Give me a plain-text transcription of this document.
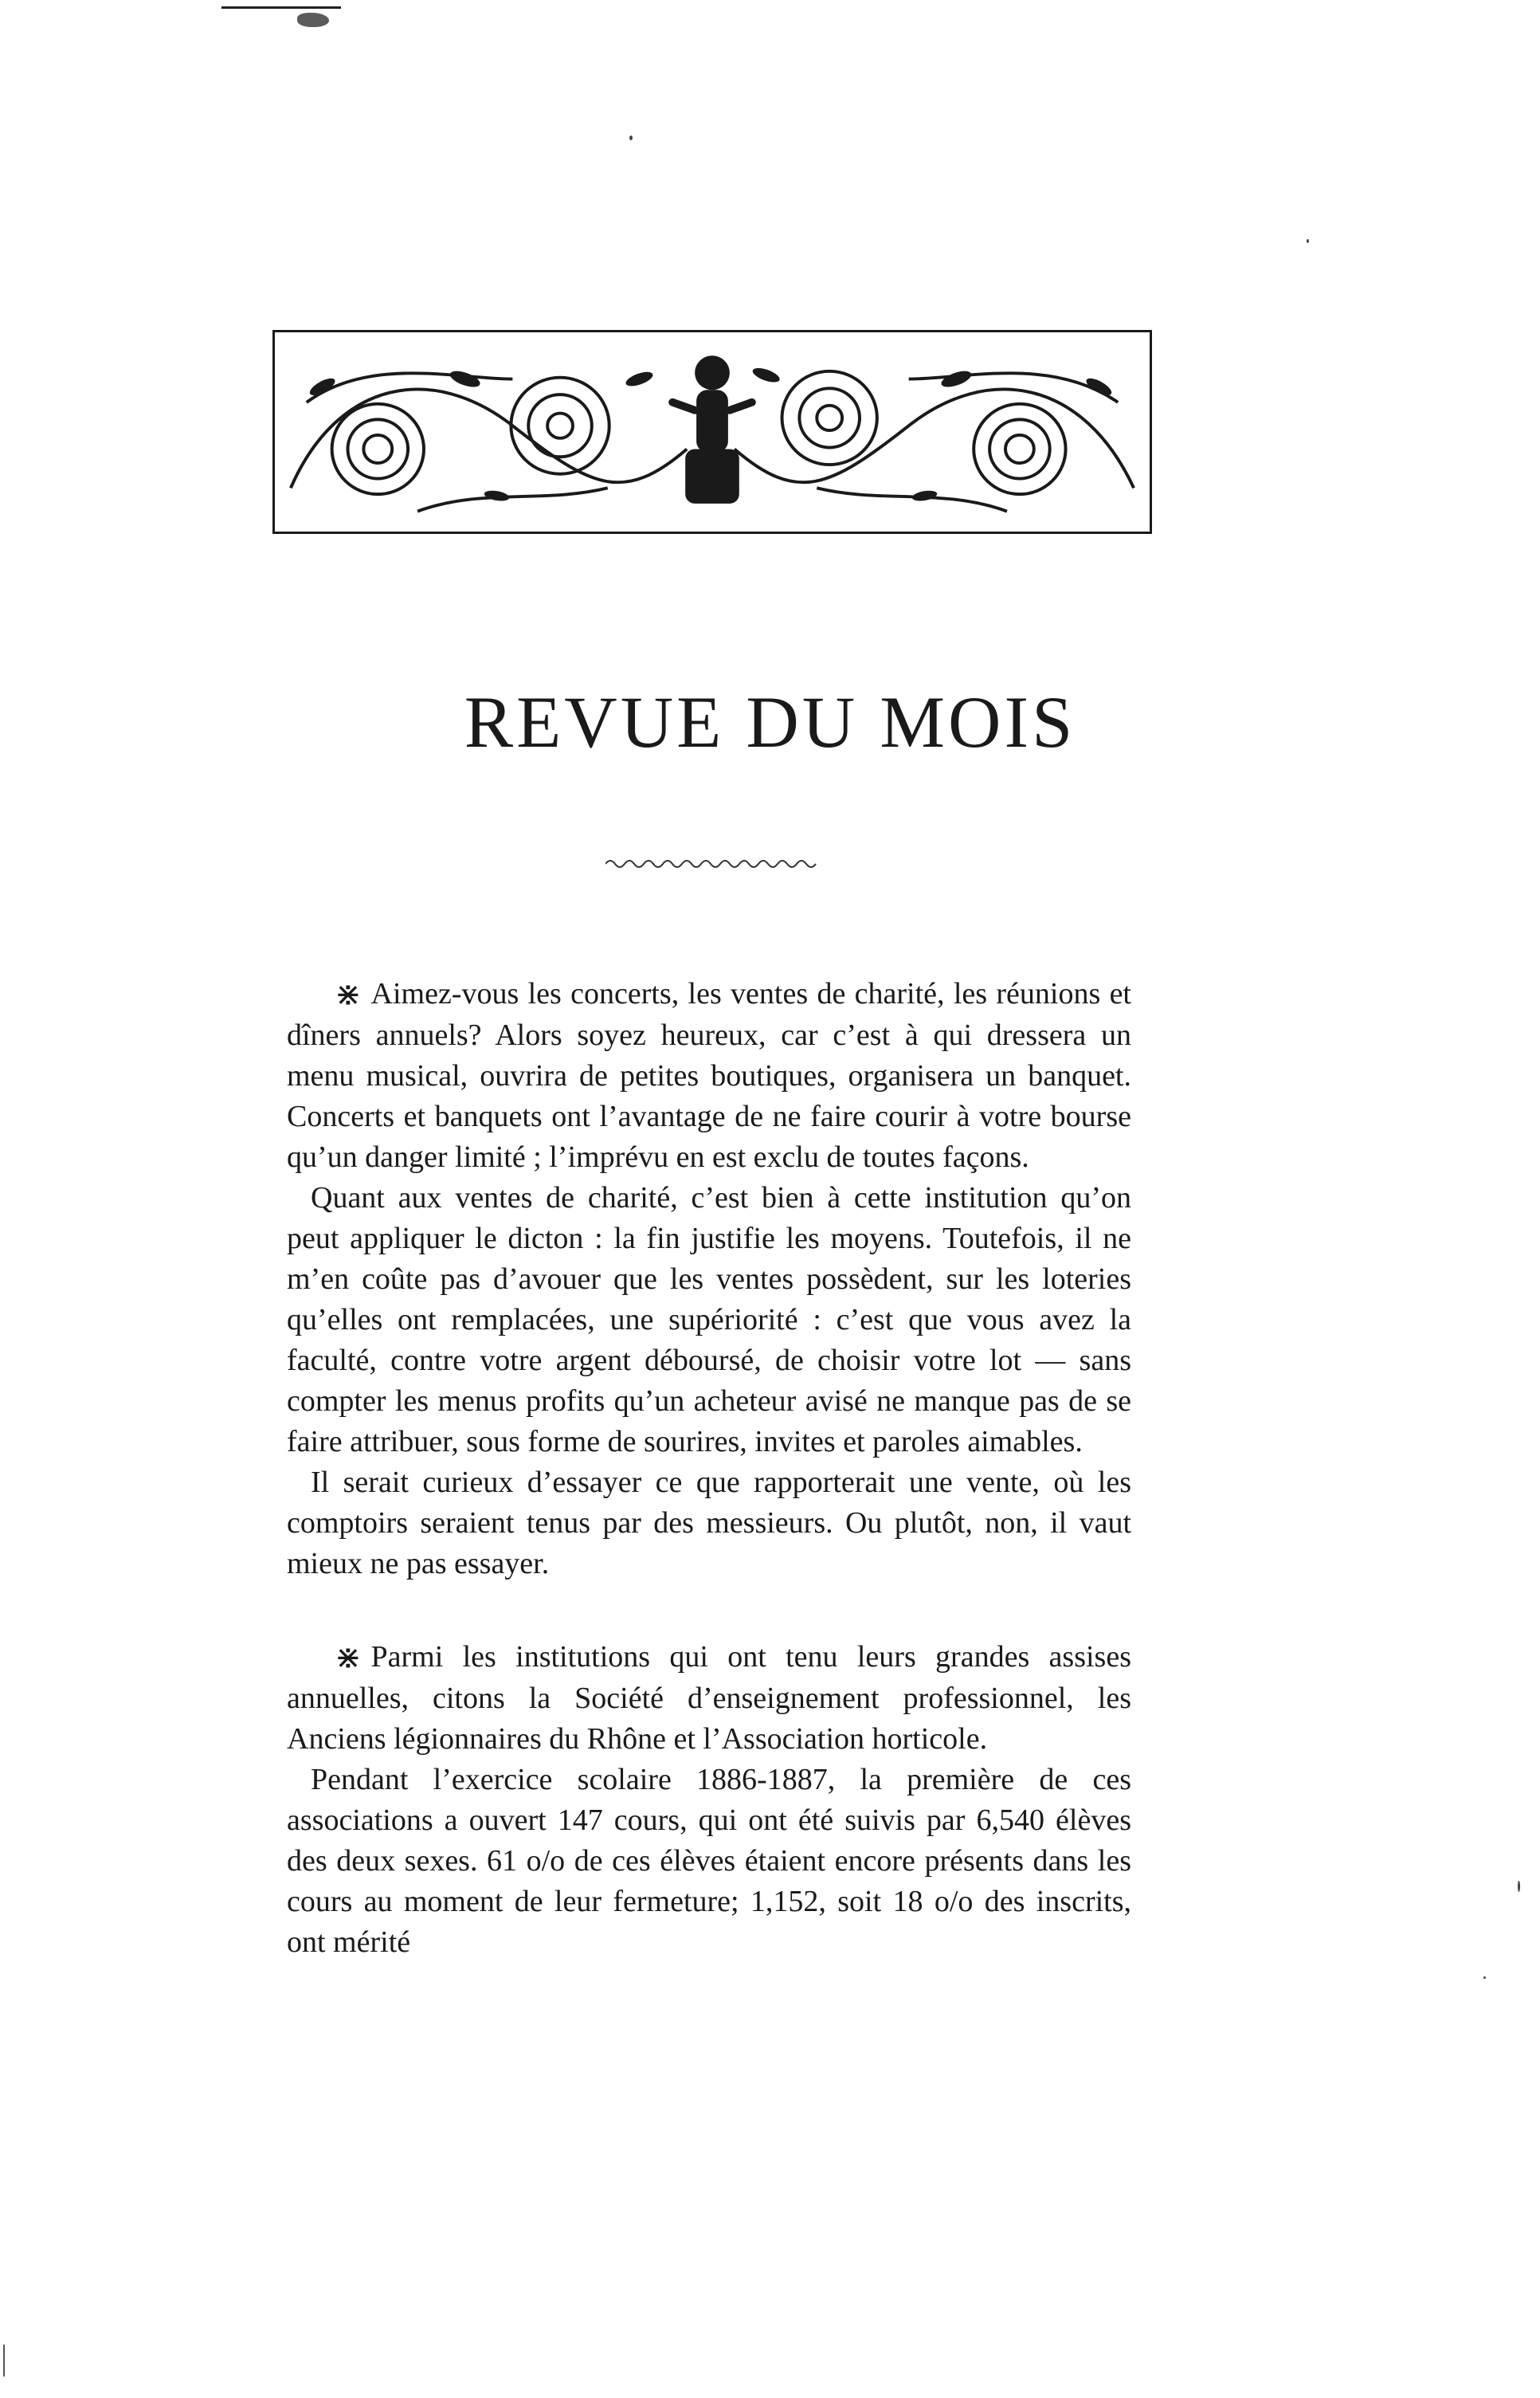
REVUE DU MOIS

⋇ Aimez-vous les concerts, les ventes de charité, les réunions et dîners annuels? Alors soyez heureux, car c’est à qui dressera un menu musical, ouvrira de petites boutiques, organisera un banquet. Concerts et banquets ont l’avantage de ne faire courir à votre bourse qu’un danger limité ; l’imprévu en est exclu de toutes façons.

Quant aux ventes de charité, c’est bien à cette institution qu’on peut appliquer le dicton : la fin justifie les moyens. Toutefois, il ne m’en coûte pas d’avouer que les ventes possèdent, sur les loteries qu’elles ont remplacées, une supériorité : c’est que vous avez la faculté, contre votre argent déboursé, de choisir votre lot — sans compter les menus profits qu’un acheteur avisé ne manque pas de se faire attribuer, sous forme de sourires, invites et paroles aimables.

Il serait curieux d’essayer ce que rapporterait une vente, où les comptoirs seraient tenus par des messieurs. Ou plutôt, non, il vaut mieux ne pas essayer.

⋇ Parmi les institutions qui ont tenu leurs grandes assises annuelles, citons la Société d’enseignement professionnel, les Anciens légionnaires du Rhône et l’Association horticole.

Pendant l’exercice scolaire 1886-1887, la première de ces associations a ouvert 147 cours, qui ont été suivis par 6,540 élèves des deux sexes. 61 o/o de ces élèves étaient encore présents dans les cours au moment de leur fermeture; 1,152, soit 18 o/o des inscrits, ont mérité
